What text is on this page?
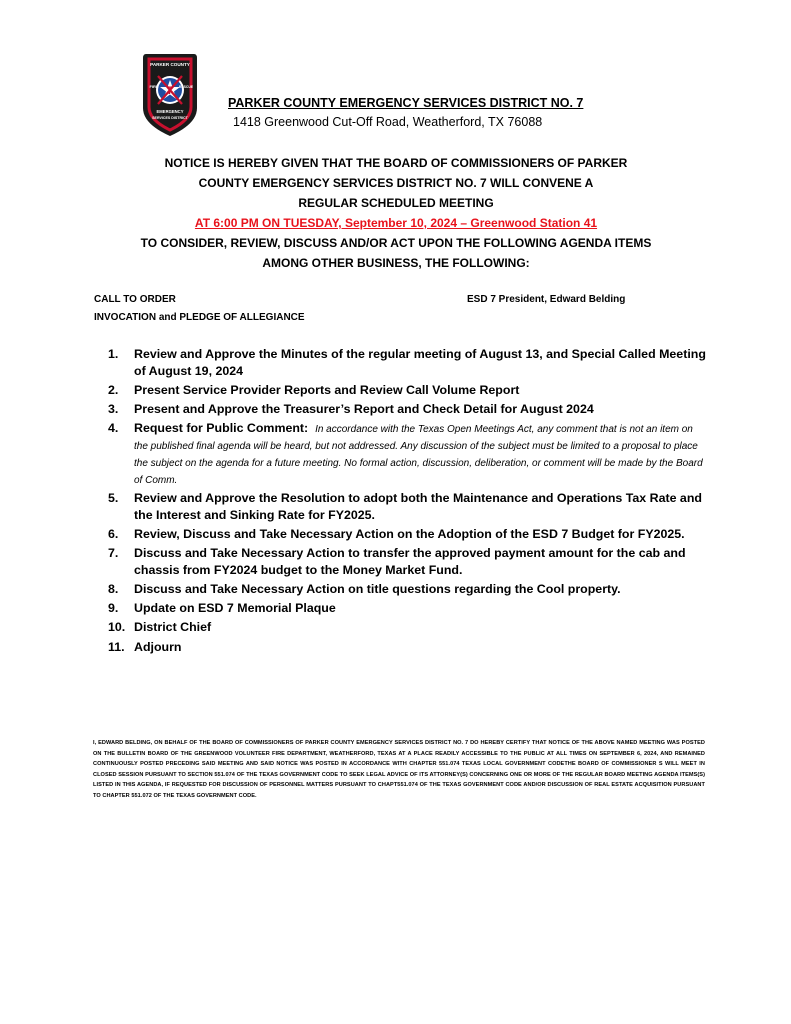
PARKER COUNTY
7
FIRE	RESCUE
EMERGENCY
SERVICES DISTRICT
PARKER COUNTY EMERGENCY SERVICES DISTRICT NO. 7
1418 Greenwood Cut-Off Road, Weatherford, TX 76088
NOTICE IS HEREBY GIVEN THAT THE BOARD OF COMMISSIONERS OF PARKER
COUNTY EMERGENCY SERVICES DISTRICT NO. 7 WILL CONVENE A
REGULAR SCHEDULED MEETING
AT 6:00 PM ON TUESDAY, September 10, 2024 – Greenwood Station 41
TO CONSIDER, REVIEW, DISCUSS AND/OR ACT UPON THE FOLLOWING AGENDA ITEMS
AMONG OTHER BUSINESS, THE FOLLOWING:
CALL TO ORDER	ESD 7 President, Edward Belding
INVOCATION and PLEDGE OF ALLEGIANCE
1. Review and Approve the Minutes of the regular meeting of August 13, and Special Called Meeting of August 19, 2024
2. Present Service Provider Reports and Review Call Volume Report
3. Present and Approve the Treasurer’s Report and Check Detail for August 2024
4. Request for Public Comment: In accordance with the Texas Open Meetings Act, any comment that is not an item on the published final agenda will be heard, but not addressed. Any discussion of the subject must be limited to a proposal to place the subject on the agenda for a future meeting. No formal action, discussion, deliberation, or comment will be made by the Board of Comm.
5. Review and Approve the Resolution to adopt both the Maintenance and Operations Tax Rate and the Interest and Sinking Rate for FY2025.
6. Review, Discuss and Take Necessary Action on the Adoption of the ESD 7 Budget for FY2025.
7. Discuss and Take Necessary Action to transfer the approved payment amount for the cab and chassis from FY2024 budget to the Money Market Fund.
8. Discuss and Take Necessary Action on title questions regarding the Cool property.
9. Update on ESD 7 Memorial Plaque
10. District Chief
11. Adjourn
I, EDWARD BELDING, ON BEHALF OF THE BOARD OF COMMISSIONERS OF PARKER COUNTY EMERGENCY SERVICES DISTRICT NO. 7 DO HEREBY CERTIFY THAT NOTICE OF THE ABOVE NAMED MEETING WAS POSTED ON THE BULLETIN BOARD OF THE GREENWOOD VOLUNTEER FIRE DEPARTMENT, WEATHERFORD, TEXAS AT A PLACE READILY ACCESSIBLE TO THE PUBLIC AT ALL TIMES ON SEPTEMBER 6, 2024, AND REMAINED CONTINUOUSLY POSTED PRECEDING SAID MEETING AND SAID NOTICE WAS POSTED IN ACCORDANCE WITH CHAPTER 551.074 TEXAS LOCAL GOVERNMENT CODETHE BOARD OF COMMISSIONER S WILL MEET IN CLOSED SESSION PURSUANT TO SECTION 551.074 OF THE TEXAS GOVERNMENT CODE TO SEEK LEGAL ADVICE OF ITS ATTORNEY(S) CONCERNING ONE OR MORE OF THE REGULAR BOARD MEETING AGENDA ITEMS(S) LISTED IN THIS AGENDA, IF REQUESTED FOR DISCUSSION OF PERSONNEL MATTERS PURSUANT TO CHAPT551.074 OF THE TEXAS GOVERNMENT CODE AND/OR DISCUSSION OF REAL ESTATE ACQUISITION PURSUANT TO CHAPTER 551.072 OF THE TEXAS GOVERNMENT CODE.
